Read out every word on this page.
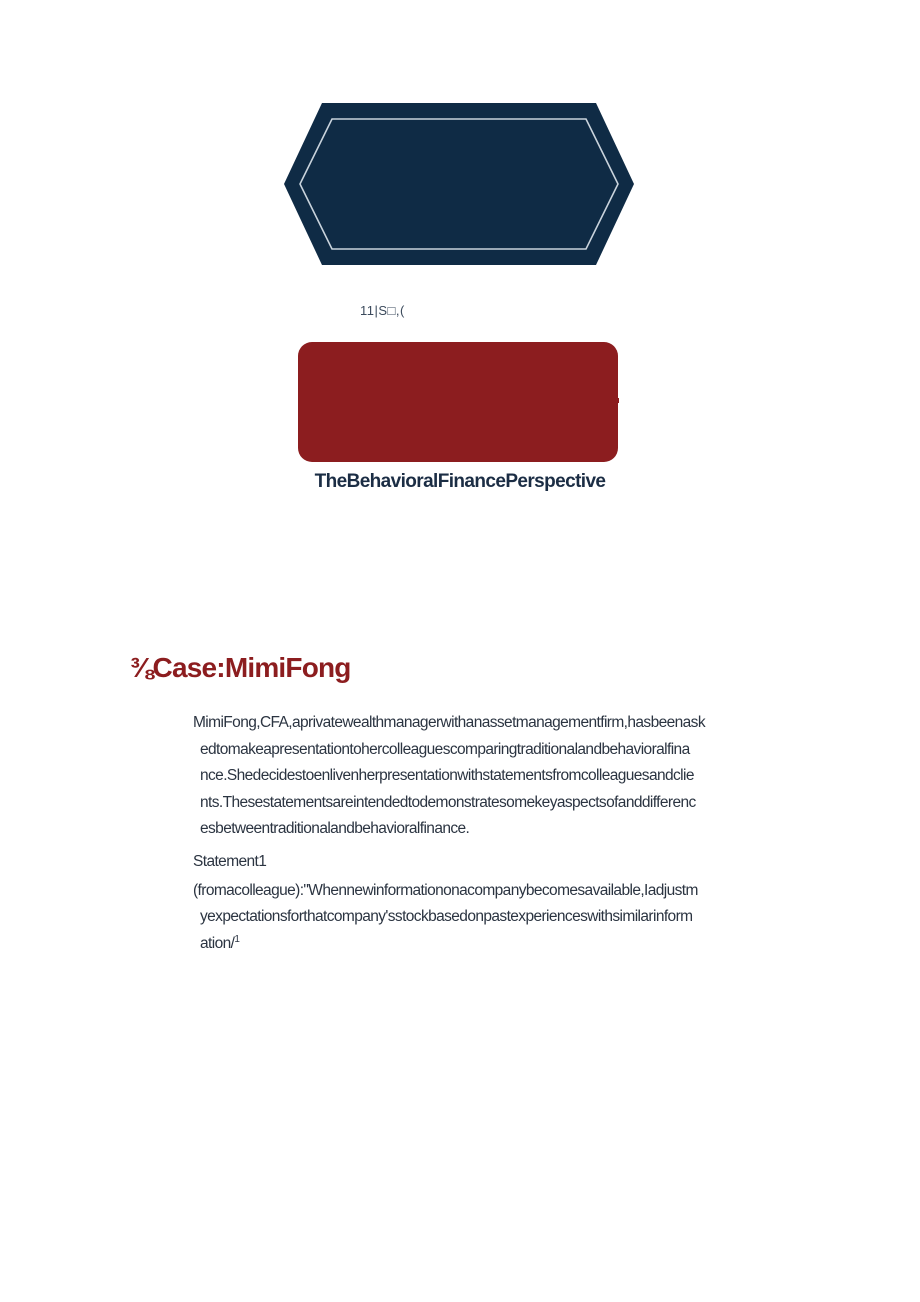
11|S□,(
TheBehavioralFinancePerspective
⅜Case:MimiFong
MimiFong,CFA,aprivatewealthmanagerwithanassetmanagementfirm,hasbeenask
edtomakeapresentationtohercolleaguescomparingtraditionalandbehavioralfina
nce.Shedecidestoenlivenherpresentationwithstatementsfromcolleaguesandclie
nts.Thesestatementsareintendedtodemonstratesomekeyaspectsofanddifferenc
esbetweentraditionalandbehavioralfinance.
Statement1
(fromacolleague):"Whennewinformationonacompanybecomesavailable,Iadjustm
yexpectationsforthatcompany'sstockbasedonpastexperienceswithsimilarinform
ation/$^1$
